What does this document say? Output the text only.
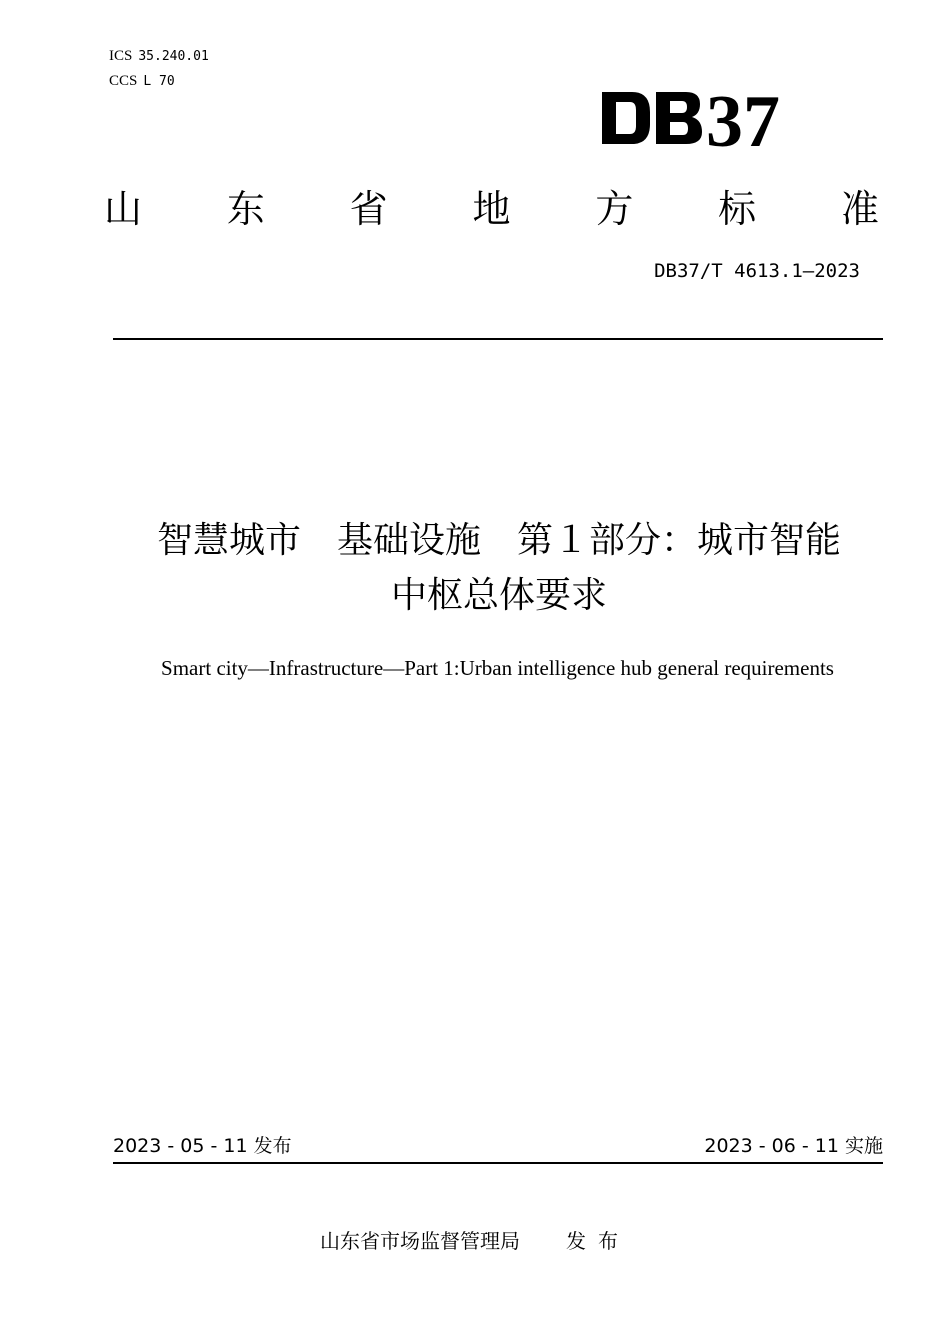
ICS 35.240.01
CCS L 70	37
山 东 省 地 方 标 准
DB37/T 4613.1—2023
智慧城市　基础设施　第１部分：城市智能
中枢总体要求
Smart city—Infrastructure—Part 1:Urban intelligence hub general requirements
2023 - 05 - 11 发布	2023 - 06 - 11 实施
山东省市场监督管理局 发布
